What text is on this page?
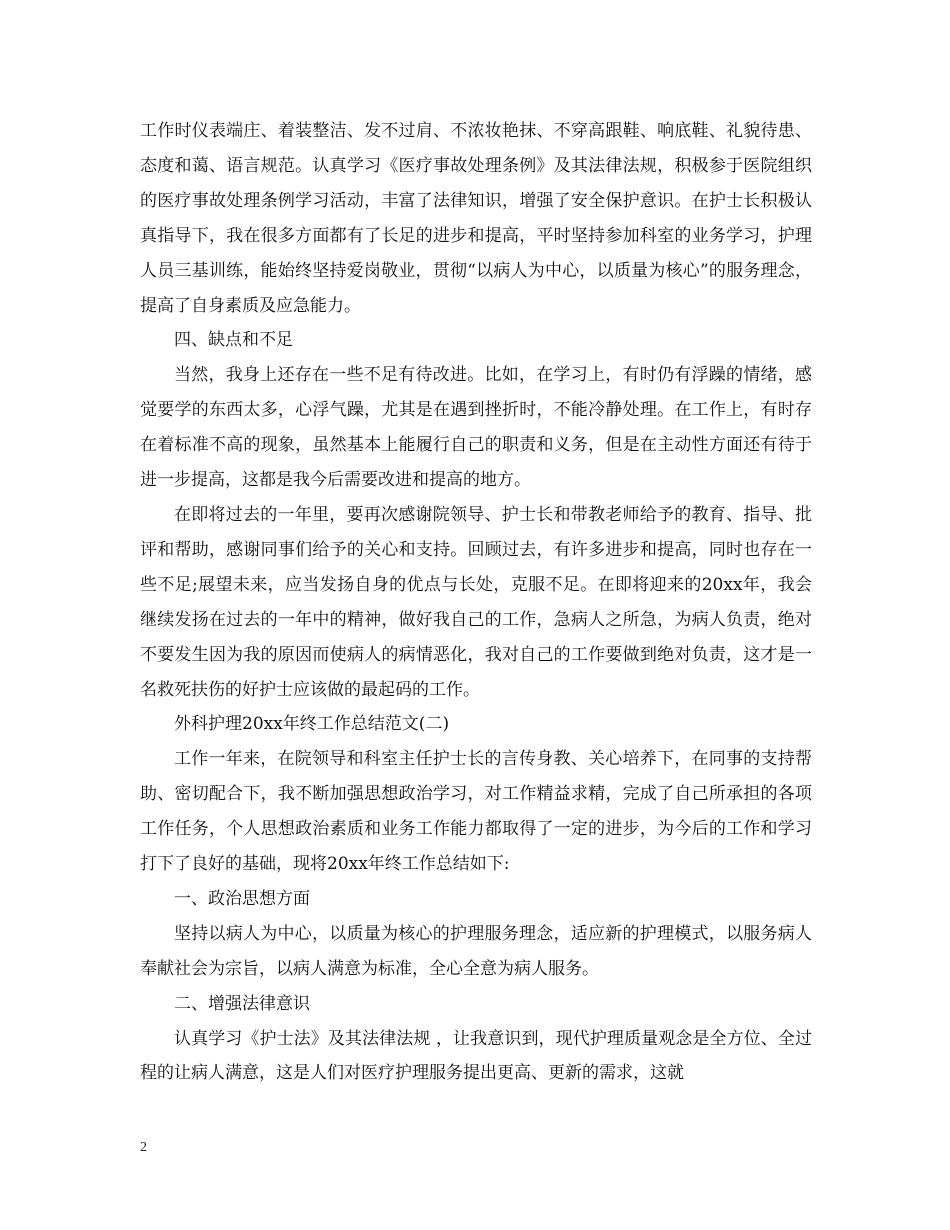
工作时仪表端庄、着装整洁、发不过肩、不浓妆艳抹、不穿高跟鞋、响底鞋、礼貌待患、态度和蔼、语言规范。认真学习《医疗事故处理条例》及其法律法规，积极参于医院组织的医疗事故处理条例学习活动，丰富了法律知识，增强了安全保护意识。在护士长积极认真指导下，我在很多方面都有了长足的进步和提高，平时坚持参加科室的业务学习，护理人员三基训练，能始终坚持爱岗敬业，贯彻“以病人为中心，以质量为核心”的服务理念，提高了自身素质及应急能力。

四、缺点和不足

当然，我身上还存在一些不足有待改进。比如，在学习上，有时仍有浮躁的情绪，感觉要学的东西太多，心浮气躁，尤其是在遇到挫折时，不能冷静处理。在工作上，有时存在着标准不高的现象，虽然基本上能履行自己的职责和义务，但是在主动性方面还有待于进一步提高，这都是我今后需要改进和提高的地方。

在即将过去的一年里，要再次感谢院领导、护士长和带教老师给予的教育、指导、批评和帮助，感谢同事们给予的关心和支持。回顾过去，有许多进步和提高，同时也存在一些不足;展望未来，应当发扬自身的优点与长处，克服不足。在即将迎来的20xx年，我会继续发扬在过去的一年中的精神，做好我自己的工作，急病人之所急，为病人负责，绝对不要发生因为我的原因而使病人的病情恶化，我对自己的工作要做到绝对负责，这才是一名救死扶伤的好护士应该做的最起码的工作。

外科护理20xx年终工作总结范文(二)

工作一年来，在院领导和科室主任护士长的言传身教、关心培养下，在同事的支持帮助、密切配合下，我不断加强思想政治学习，对工作精益求精，完成了自己所承担的各项工作任务，个人思想政治素质和业务工作能力都取得了一定的进步，为今后的工作和学习打下了良好的基础，现将20xx年终工作总结如下:

一、政治思想方面

坚持以病人为中心，以质量为核心的护理服务理念，适应新的护理模式，以服务病人奉献社会为宗旨，以病人满意为标准，全心全意为病人服务。

二、增强法律意识

认真学习《护士法》及其法律法规 ，让我意识到，现代护理质量观念是全方位、全过程的让病人满意，这是人们对医疗护理服务提出更高、更新的需求，这就

2
